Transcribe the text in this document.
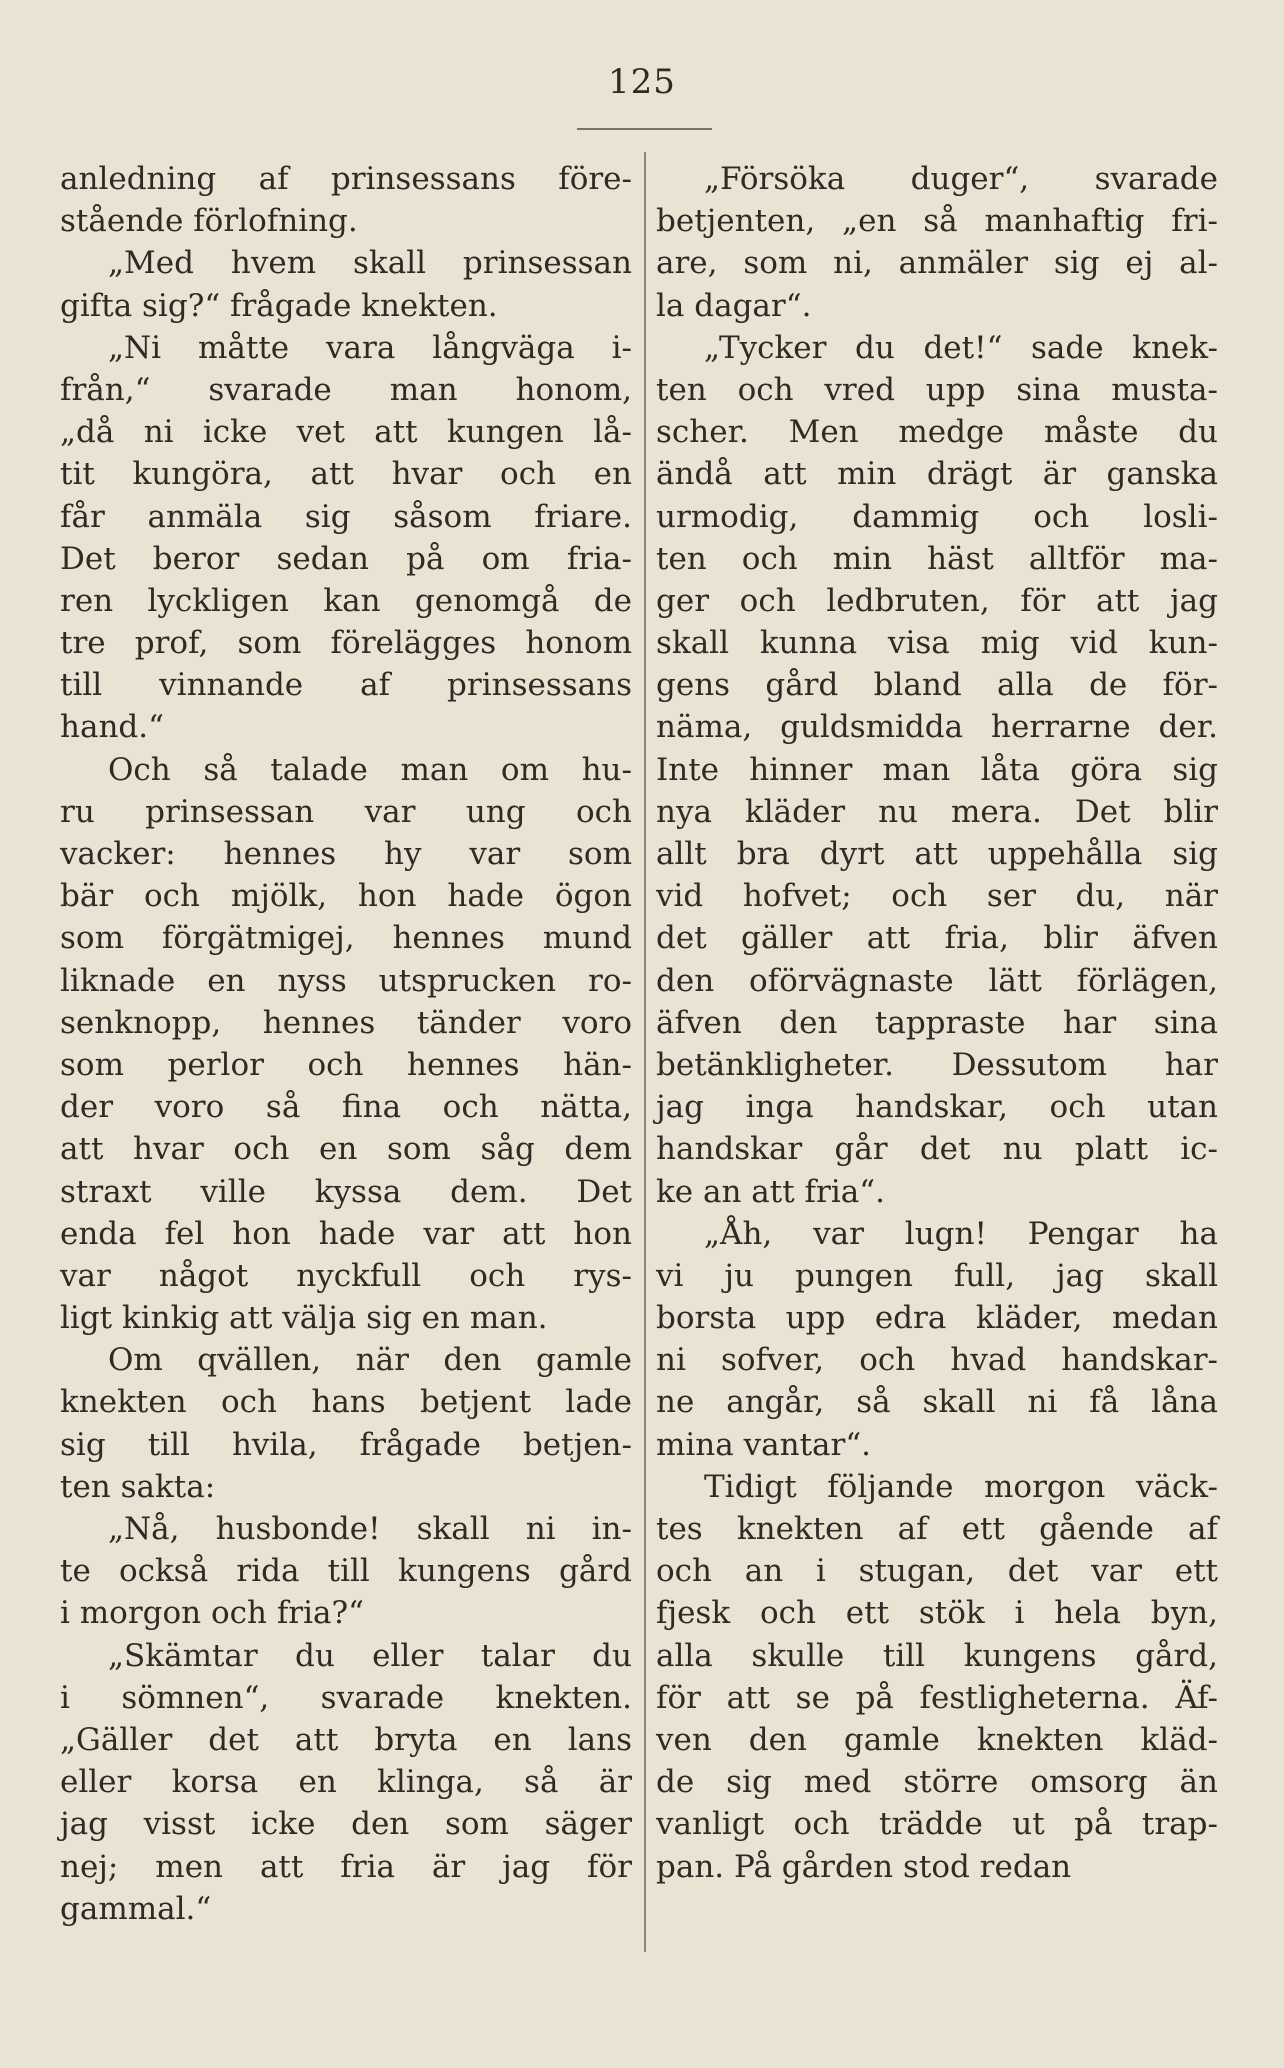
125
anledning af prinsessans före-
stående förlofning.
„Med hvem skall prinsessan
gifta sig?“ frågade knekten.
„Ni måtte vara långväga i-
från,“ svarade man honom,
„då ni icke vet att kungen lå-
tit kungöra, att hvar och en
får anmäla sig såsom friare.
Det beror sedan på om fria-
ren lyckligen kan genomgå de
tre prof, som förelägges honom
till vinnande af prinsessans
hand.“
Och så talade man om hu-
ru prinsessan var ung och
vacker: hennes hy var som
bär och mjölk, hon hade ögon
som förgätmigej, hennes mund
liknade en nyss utsprucken ro-
senknopp, hennes tänder voro
som perlor och hennes hän-
der voro så fina och nätta,
att hvar och en som såg dem
straxt ville kyssa dem. Det
enda fel hon hade var att hon
var något nyckfull och rys-
ligt kinkig att välja sig en man.
Om qvällen, när den gamle
knekten och hans betjent lade
sig till hvila, frågade betjen-
ten sakta:
„Nå, husbonde! skall ni in-
te också rida till kungens gård
i morgon och fria?“
„Skämtar du eller talar du
i sömnen“, svarade knekten.
„Gäller det att bryta en lans
eller korsa en klinga, så är
jag visst icke den som säger
nej; men att fria är jag för
gammal.“
„Försöka duger“, svarade
betjenten, „en så manhaftig fri-
are, som ni, anmäler sig ej al-
la dagar“.
„Tycker du det!“ sade knek-
ten och vred upp sina musta-
scher. Men medge måste du
ändå att min drägt är ganska
urmodig, dammig och losli-
ten och min häst alltför ma-
ger och ledbruten, för att jag
skall kunna visa mig vid kun-
gens gård bland alla de för-
näma, guldsmidda herrarne der.
Inte hinner man låta göra sig
nya kläder nu mera. Det blir
allt bra dyrt att uppehålla sig
vid hofvet; och ser du, när
det gäller att fria, blir äfven
den oförvägnaste lätt förlägen,
äfven den tappraste har sina
betänkligheter. Dessutom har
jag inga handskar, och utan
handskar går det nu platt ic-
ke an att fria“.
„Åh, var lugn! Pengar ha
vi ju pungen full, jag skall
borsta upp edra kläder, medan
ni sofver, och hvad handskar-
ne angår, så skall ni få låna
mina vantar“.
Tidigt följande morgon väck-
tes knekten af ett gående af
och an i stugan, det var ett
fjesk och ett stök i hela byn,
alla skulle till kungens gård,
för att se på festligheterna. Äf-
ven den gamle knekten kläd-
de sig med större omsorg än
vanligt och trädde ut på trap-
pan. På gården stod redan
